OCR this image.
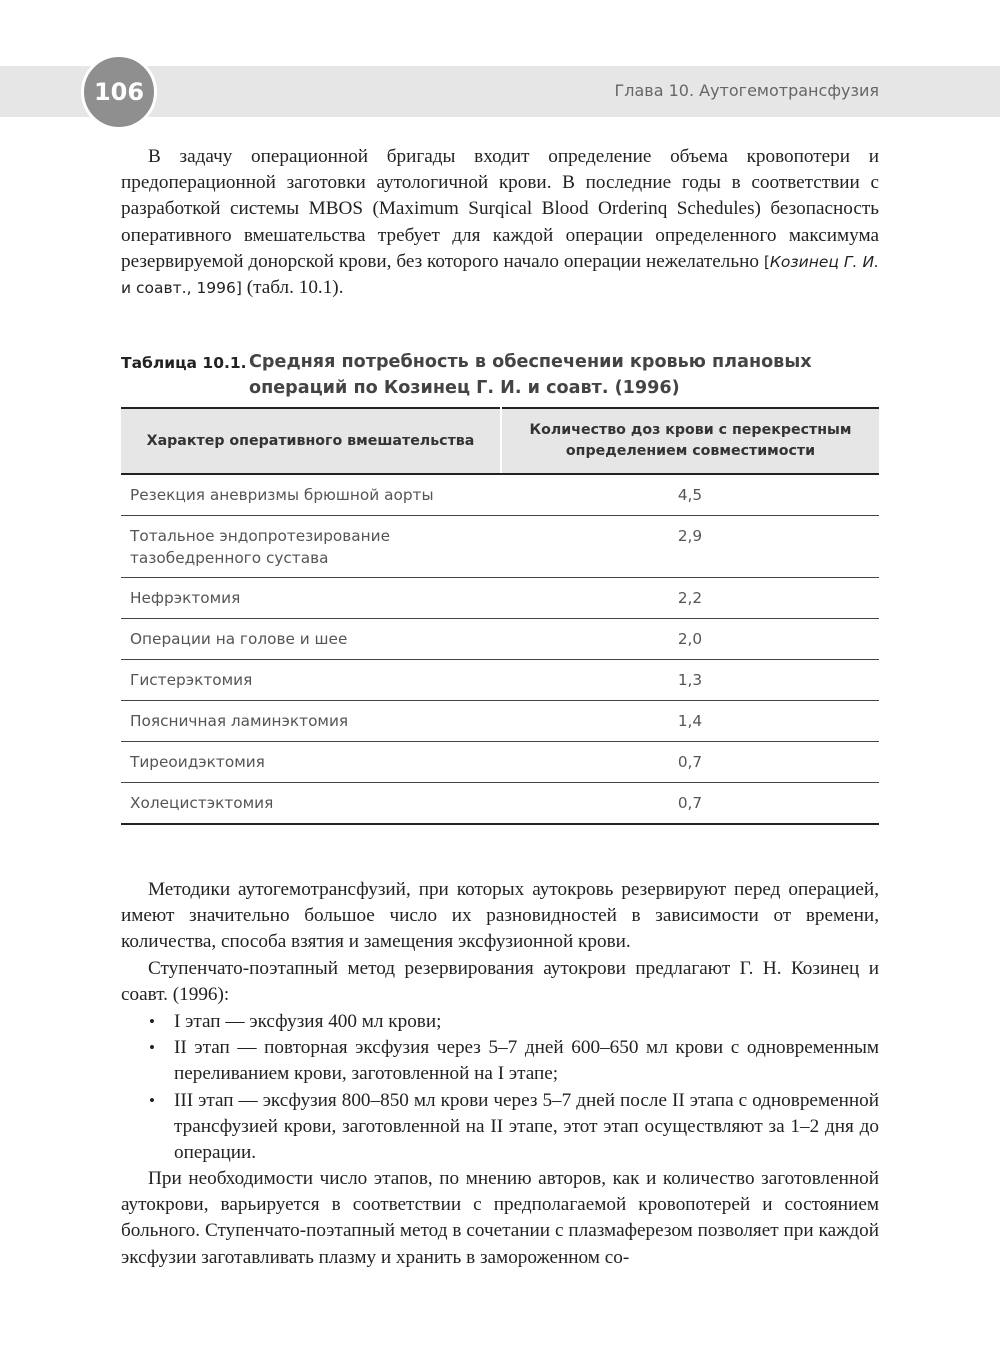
106	Глава 10. Аутогемотрансфузия

В задачу операционной бригады входит определение объема кровопотери и предоперационной заготовки аутологичной крови. В последние годы в соответствии с разработкой системы MBOS (Maximum Surqical Blood Orderinq Schedules) безопасность оперативного вмешательства требует для каждой операции определенного максимума резервируемой донорской крови, без которого начало операции нежелательно [Козинец Г. И. и соавт., 1996] (табл. 10.1).

Таблица 10.1. Средняя потребность в обеспечении кровью плановых операций по Козинец Г. И. и соавт. (1996)
Характер оперативного вмешательства	Количество доз крови с перекрестным определением совместимости
Резекция аневризмы брюшной аорты	4,5
Тотальное эндопротезирование тазобедренного сустава	2,9
Нефрэктомия	2,2
Операции на голове и шее	2,0
Гистерэктомия	1,3
Поясничная ламинэктомия	1,4
Тиреоидэктомия	0,7
Холецистэктомия	0,7

Методики аутогемотрансфузий, при которых аутокровь резервируют перед операцией, имеют значительно большое число их разновидностей в зависимости от времени, количества, способа взятия и замещения эксфузионной крови.

Ступенчато-поэтапный метод резервирования аутокрови предлагают Г. Н. Козинец и соавт. (1996):

• I этап — эксфузия 400 мл крови;
• II этап — повторная эксфузия через 5–7 дней 600–650 мл крови с одновременным переливанием крови, заготовленной на I этапе;
• III этап — эксфузия 800–850 мл крови через 5–7 дней после II этапа с одновременной трансфузией крови, заготовленной на II этапе, этот этап осуществляют за 1–2 дня до операции.

При необходимости число этапов, по мнению авторов, как и количество заготовленной аутокрови, варьируется в соответствии с предполагаемой кровопотерей и состоянием больного. Ступенчато-поэтапный метод в сочетании с плазмаферезом позволяет при каждой эксфузии заготавливать плазму и хранить в замороженном со-
